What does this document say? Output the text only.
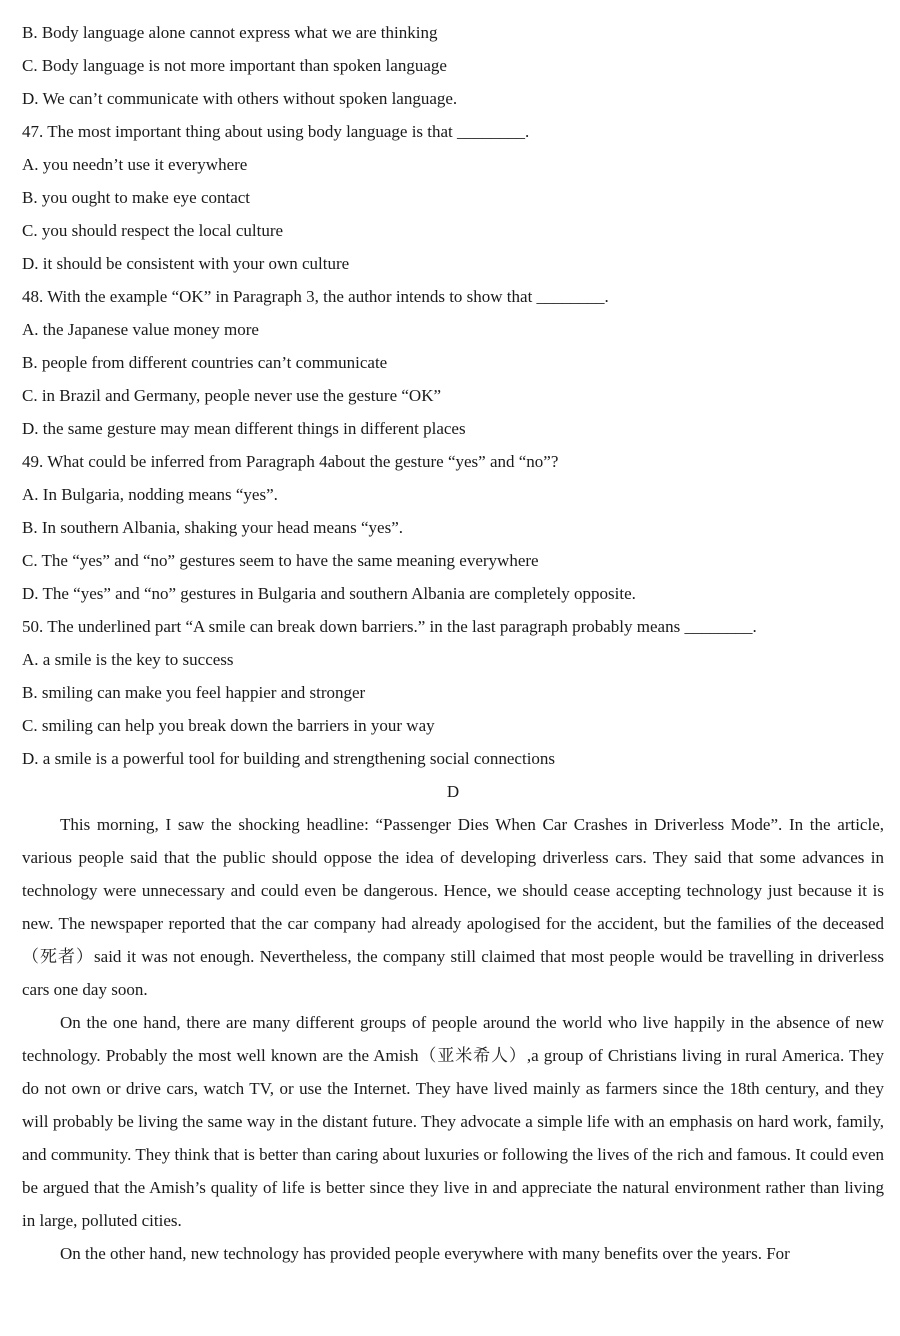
B. Body language alone cannot express what we are thinking

C. Body language is not more important than spoken language

D. We can’t communicate with others without spoken language.

47. The most important thing about using body language is that ________.

A. you needn’t use it everywhere

B. you ought to make eye contact

C. you should respect the local culture

D. it should be consistent with your own culture

48. With the example “OK” in Paragraph 3, the author intends to show that ________.

A. the Japanese value money more

B. people from different countries can’t communicate

C. in Brazil and Germany, people never use the gesture “OK”

D. the same gesture may mean different things in different places

49. What could be inferred from Paragraph 4about the gesture “yes” and “no”?

A. In Bulgaria, nodding means “yes”.

B. In southern Albania, shaking your head means “yes”.

C. The “yes” and “no” gestures seem to have the same meaning everywhere

D. The “yes” and “no” gestures in Bulgaria and southern Albania are completely opposite.

50. The underlined part “A smile can break down barriers.” in the last paragraph probably means ________.

A. a smile is the key to success

B. smiling can make you feel happier and stronger

C. smiling can help you break down the barriers in your way

D. a smile is a powerful tool for building and strengthening social connections

D

This morning, I saw the shocking headline: “Passenger Dies When Car Crashes in Driverless Mode”. In the article, various people said that the public should oppose the idea of developing driverless cars. They said that some advances in technology were unnecessary and could even be dangerous. Hence, we should cease accepting technology just because it is new. The newspaper reported that the car company had already apologised for the accident, but the families of the deceased（死者）said it was not enough. Nevertheless, the company still claimed that most people would be travelling in driverless cars one day soon.

On the one hand, there are many different groups of people around the world who live happily in the absence of new technology. Probably the most well known are the Amish（亚米希人）,a group of Christians living in rural America. They do not own or drive cars, watch TV, or use the Internet. They have lived mainly as farmers since the 18th century, and they will probably be living the same way in the distant future. They advocate a simple life with an emphasis on hard work, family, and community. They think that is better than caring about luxuries or following the lives of the rich and famous. It could even be argued that the Amish’s quality of life is better since they live in and appreciate the natural environment rather than living in large, polluted cities.

On the other hand, new technology has provided people everywhere with many benefits over the years. For
